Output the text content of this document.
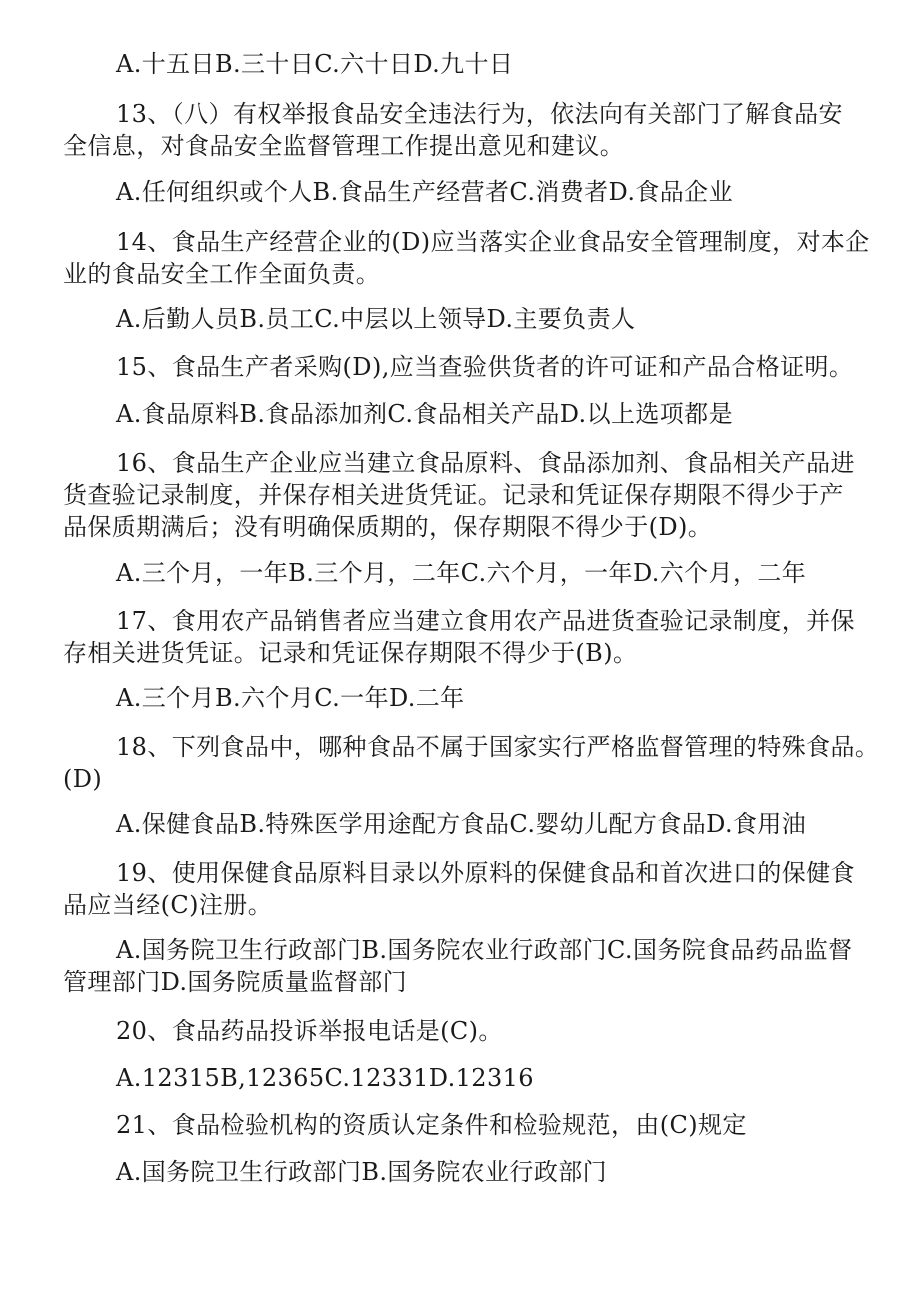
A.十五日B.三十日C.六十日D.九十日
13、（八）有权举报食品安全违法行为，依法向有关部门了解食品安
全信息，对食品安全监督管理工作提出意见和建议。
A.任何组织或个人B.食品生产经营者C.消费者D.食品企业
14、食品生产经营企业的(D)应当落实企业食品安全管理制度，对本企
业的食品安全工作全面负责。
A.后勤人员B.员工C.中层以上领导D.主要负责人
15、食品生产者采购(D),应当查验供货者的许可证和产品合格证明。
A.食品原料B.食品添加剂C.食品相关产品D.以上选项都是
16、食品生产企业应当建立食品原料、食品添加剂、食品相关产品进
货查验记录制度，并保存相关进货凭证。记录和凭证保存期限不得少于产
品保质期满后；没有明确保质期的，保存期限不得少于(D)。
A.三个月，一年B.三个月，二年C.六个月，一年D.六个月，二年
17、食用农产品销售者应当建立食用农产品进货查验记录制度，并保
存相关进货凭证。记录和凭证保存期限不得少于(B)。
A.三个月B.六个月C.一年D.二年
18、下列食品中，哪种食品不属于国家实行严格监督管理的特殊食品。
(D)
A.保健食品B.特殊医学用途配方食品C.婴幼儿配方食品D.食用油
19、使用保健食品原料目录以外原料的保健食品和首次进口的保健食
品应当经(C)注册。
A.国务院卫生行政部门B.国务院农业行政部门C.国务院食品药品监督
管理部门D.国务院质量监督部门
20、食品药品投诉举报电话是(C)。
A.12315B,12365C.12331D.12316
21、食品检验机构的资质认定条件和检验规范，由(C)规定
A.国务院卫生行政部门B.国务院农业行政部门
